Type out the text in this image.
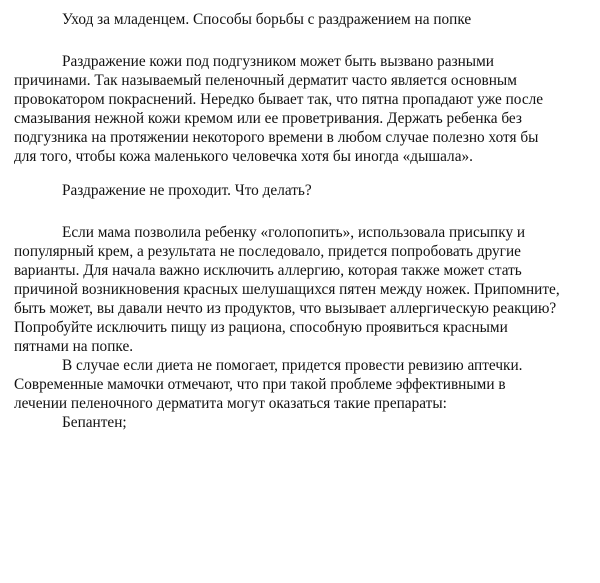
Уход за младенцем. Способы борьбы с раздражением на попке
Раздражение кожи под подгузником может быть вызвано разными
причинами. Так называемый пеленочный дерматит часто является основным
провокатором покраснений. Нередко бывает так, что пятна пропадают уже после
смазывания нежной кожи кремом или ее проветривания. Держать ребенка без
подгузника на протяжении некоторого времени в любом случае полезно хотя бы
для того, чтобы кожа маленького человечка хотя бы иногда «дышала».
Раздражение не проходит. Что делать?
Если мама позволила ребенку «голопопить», использовала присыпку и
популярный крем, а результата не последовало, придется попробовать другие
варианты. Для начала важно исключить аллергию, которая также может стать
причиной возникновения красных шелушащихся пятен между ножек. Припомните,
быть может, вы давали нечто из продуктов, что вызывает аллергическую реакцию?
Попробуйте исключить пищу из рациона, способную проявиться красными
пятнами на попке.
В случае если диета не помогает, придется провести ревизию аптечки.
Современные мамочки отмечают, что при такой проблеме эффективными в
лечении пеленочного дерматита могут оказаться такие препараты:
Бепантен;
